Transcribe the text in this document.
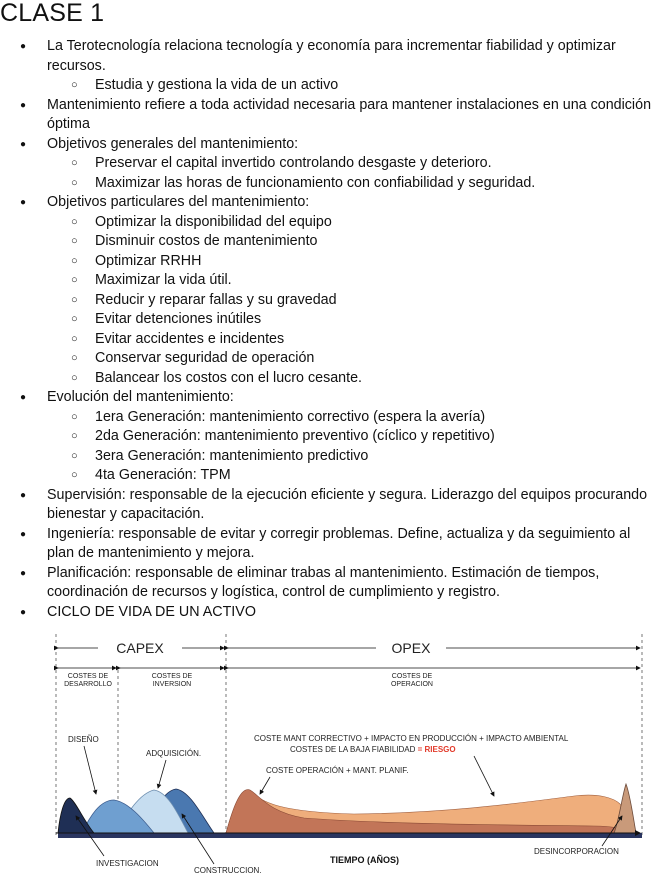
CLASE 1
● La Terotecnología relaciona tecnología y economía para incrementar fiabilidad y optimizar recursos.
○ Estudia y gestiona la vida de un activo
● Mantenimiento refiere a toda actividad necesaria para mantener instalaciones en una condición óptima
● Objetivos generales del mantenimiento:
○ Preservar el capital invertido controlando desgaste y deterioro.
○ Maximizar las horas de funcionamiento con confiabilidad y seguridad.
● Objetivos particulares del mantenimiento:
○ Optimizar la disponibilidad del equipo
○ Disminuir costos de mantenimiento
○ Optimizar RRHH
○ Maximizar la vida útil.
○ Reducir y reparar fallas y su gravedad
○ Evitar detenciones inútiles
○ Evitar accidentes e incidentes
○ Conservar seguridad de operación
○ Balancear los costos con el lucro cesante.
● Evolución del mantenimiento:
○ 1era Generación: mantenimiento correctivo (espera la avería)
○ 2da Generación: mantenimiento preventivo (cíclico y repetitivo)
○ 3era Generación: mantenimiento predictivo
○ 4ta Generación: TPM
● Supervisión: responsable de la ejecución eficiente y segura. Liderazgo del equipos procurando bienestar y capacitación.
● Ingeniería: responsable de evitar y corregir problemas. Define, actualiza y da seguimiento al plan de mantenimiento y mejora.
● Planificación: responsable de eliminar trabas al mantenimiento. Estimación de tiempos, coordinación de recursos y logística, control de cumplimiento y registro.
● CICLO DE VIDA DE UN ACTIVO
CAPEX	OPEX
COSTES DE
DESARROLLO
COSTES DE
INVERSION
COSTES DE
OPERACION
DISEÑO
ADQUISICIÓN.
COSTE MANT CORRECTIVO + IMPACTO EN PRODUCCIÓN + IMPACTO AMBIENTAL
COSTES DE LA BAJA FIABILIDAD = RIESGO
COSTE OPERACIÓN + MANT. PLANIF.
INVESTIGACION
CONSTRUCCION.
TIEMPO (AÑOS)
DESINCORPORACION
